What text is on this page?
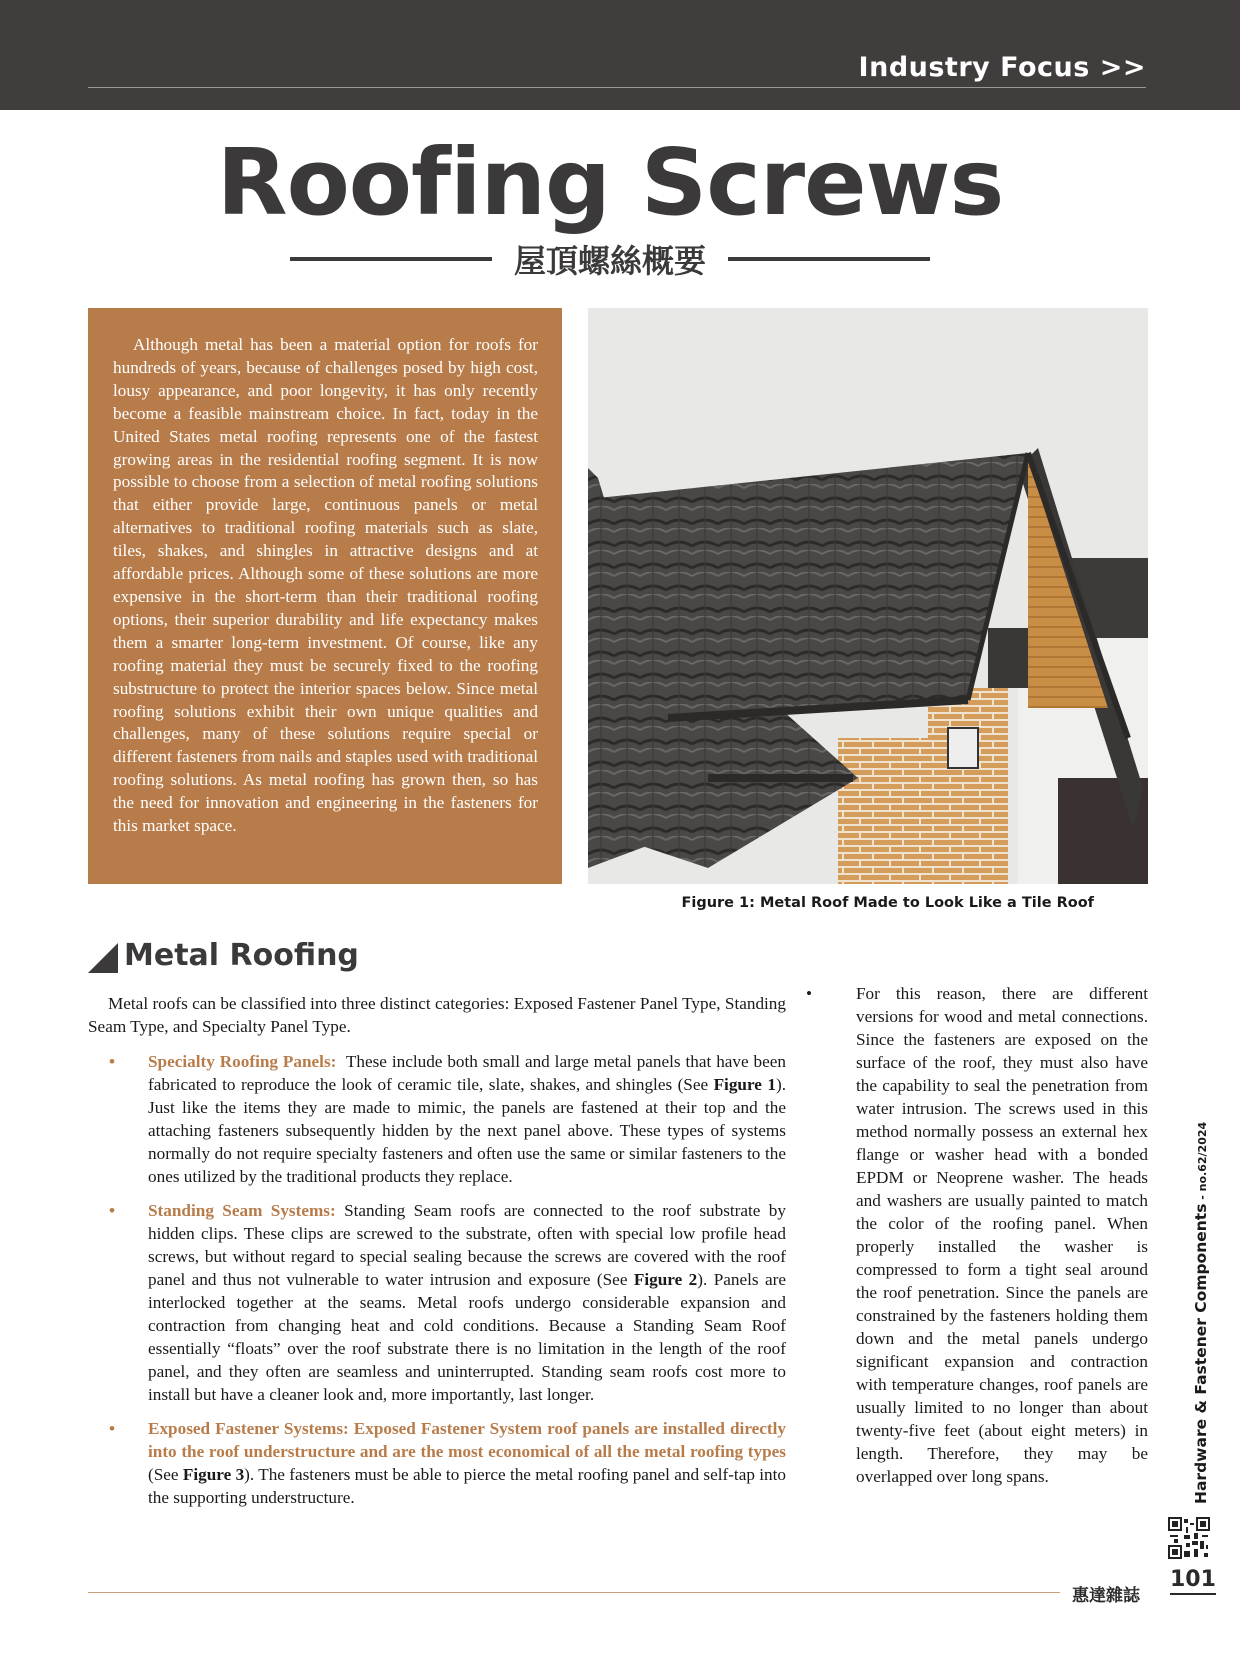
Industry Focus >>
Roofing Screws
屋頂螺絲概要

Although metal has been a material option for roofs for hundreds of years, because of challenges posed by high cost, lousy appearance, and poor longevity, it has only recently become a feasible mainstream choice. In fact, today in the United States metal roofing represents one of the fastest growing areas in the residential roofing segment. It is now possible to choose from a selection of metal roofing solutions that either provide large, continuous panels or metal alternatives to traditional roofing materials such as slate, tiles, shakes, and shingles in attractive designs and at affordable prices. Although some of these solutions are more expensive in the short-term than their traditional roofing options, their superior durability and life expectancy makes them a smarter long-term investment. Of course, like any roofing material they must be securely fixed to the roofing substructure to protect the interior spaces below. Since metal roofing solutions exhibit their own unique qualities and challenges, many of these solutions require special or different fasteners from nails and staples used with traditional roofing solutions. As metal roofing has grown then, so has the need for innovation and engineering in the fasteners for this market space.

Figure 1: Metal Roof Made to Look Like a Tile Roof
Metal Roofing

Metal roofs can be classified into three distinct categories: Exposed Fastener Panel Type, Standing Seam Type, and Specialty Panel Type.

• Specialty Roofing Panels: These include both small and large metal panels that have been fabricated to reproduce the look of ceramic tile, slate, shakes, and shingles (See Figure 1). Just like the items they are made to mimic, the panels are fastened at their top and the attaching fasteners subsequently hidden by the next panel above. These types of systems normally do not require specialty fasteners and often use the same or similar fasteners to the ones utilized by the traditional products they replace.

• Standing Seam Systems: Standing Seam roofs are connected to the roof substrate by hidden clips. These clips are screwed to the substrate, often with special low profile head screws, but without regard to special sealing because the screws are covered with the roof panel and thus not vulnerable to water intrusion and exposure (See Figure 2). Panels are interlocked together at the seams. Metal roofs undergo considerable expansion and contraction from changing heat and cold conditions. Because a Standing Seam Roof essentially “floats” over the roof substrate there is no limitation in the length of the roof panel, and they often are seamless and uninterrupted. Standing seam roofs cost more to install but have a cleaner look and, more importantly, last longer.

• Exposed Fastener Systems: Exposed Fastener System roof panels are installed directly into the roof understructure and are the most economical of all the metal roofing types (See Figure 3). The fasteners must be able to pierce the metal roofing panel and self-tap into the supporting understructure.

•	For this reason, there are different versions for wood and metal connections. Since the fasteners are exposed on the surface of the roof, they must also have the capability to seal the penetration from water intrusion. The screws used in this method normally possess an external hex flange or washer head with a bonded EPDM or Neoprene washer. The heads and washers are usually painted to match the color of the roofing panel. When properly installed the washer is compressed to form a tight seal around the roof penetration. Since the panels are constrained by the fasteners holding them down and the metal panels undergo significant expansion and contraction with temperature changes, roof panels are usually limited to no longer than about twenty-five feet (about eight meters) in length. Therefore, they may be overlapped over long spans.	Hardware & Fastener Components - no.62/2024
101
惠達雜誌
